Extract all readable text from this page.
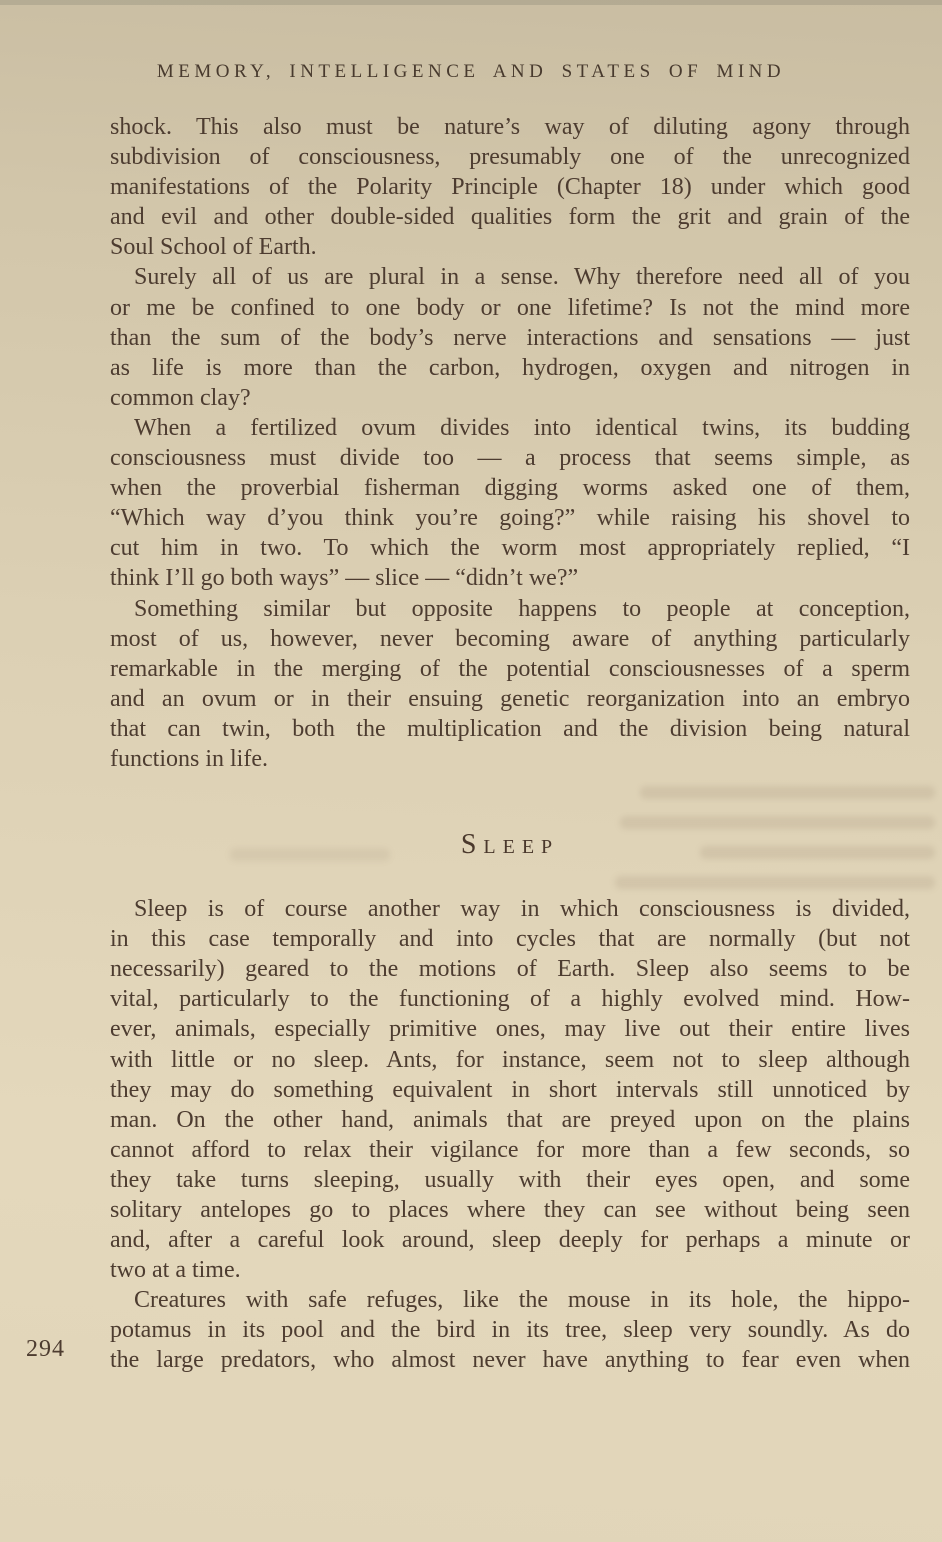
MEMORY, INTELLIGENCE AND STATES OF MIND
shock. This also must be nature’s way of diluting agony through
subdivision of consciousness, presumably one of the unrecognized
manifestations of the Polarity Principle (Chapter 18) under which good
and evil and other double-sided qualities form the grit and grain of the
Soul School of Earth.
Surely all of us are plural in a sense. Why therefore need all of you
or me be confined to one body or one lifetime? Is not the mind more
than the sum of the body’s nerve interactions and sensations — just
as life is more than the carbon, hydrogen, oxygen and nitrogen in
common clay?
When a fertilized ovum divides into identical twins, its budding
consciousness must divide too — a process that seems simple, as
when the proverbial fisherman digging worms asked one of them,
“Which way d’you think you’re going?” while raising his shovel to
cut him in two. To which the worm most appropriately replied, “I
think I’ll go both ways” — slice — “didn’t we?”
Something similar but opposite happens to people at conception,
most of us, however, never becoming aware of anything particularly
remarkable in the merging of the potential consciousnesses of a sperm
and an ovum or in their ensuing genetic reorganization into an embryo
that can twin, both the multiplication and the division being natural
functions in life.
Sleep
Sleep is of course another way in which consciousness is divided,
in this case temporally and into cycles that are normally (but not
necessarily) geared to the motions of Earth. Sleep also seems to be
vital, particularly to the functioning of a highly evolved mind. How-
ever, animals, especially primitive ones, may live out their entire lives
with little or no sleep. Ants, for instance, seem not to sleep although
they may do something equivalent in short intervals still unnoticed by
man. On the other hand, animals that are preyed upon on the plains
cannot afford to relax their vigilance for more than a few seconds, so
they take turns sleeping, usually with their eyes open, and some
solitary antelopes go to places where they can see without being seen
and, after a careful look around, sleep deeply for perhaps a minute or
two at a time.
Creatures with safe refuges, like the mouse in its hole, the hippo-
potamus in its pool and the bird in its tree, sleep very soundly. As do
the large predators, who almost never have anything to fear even when
294
